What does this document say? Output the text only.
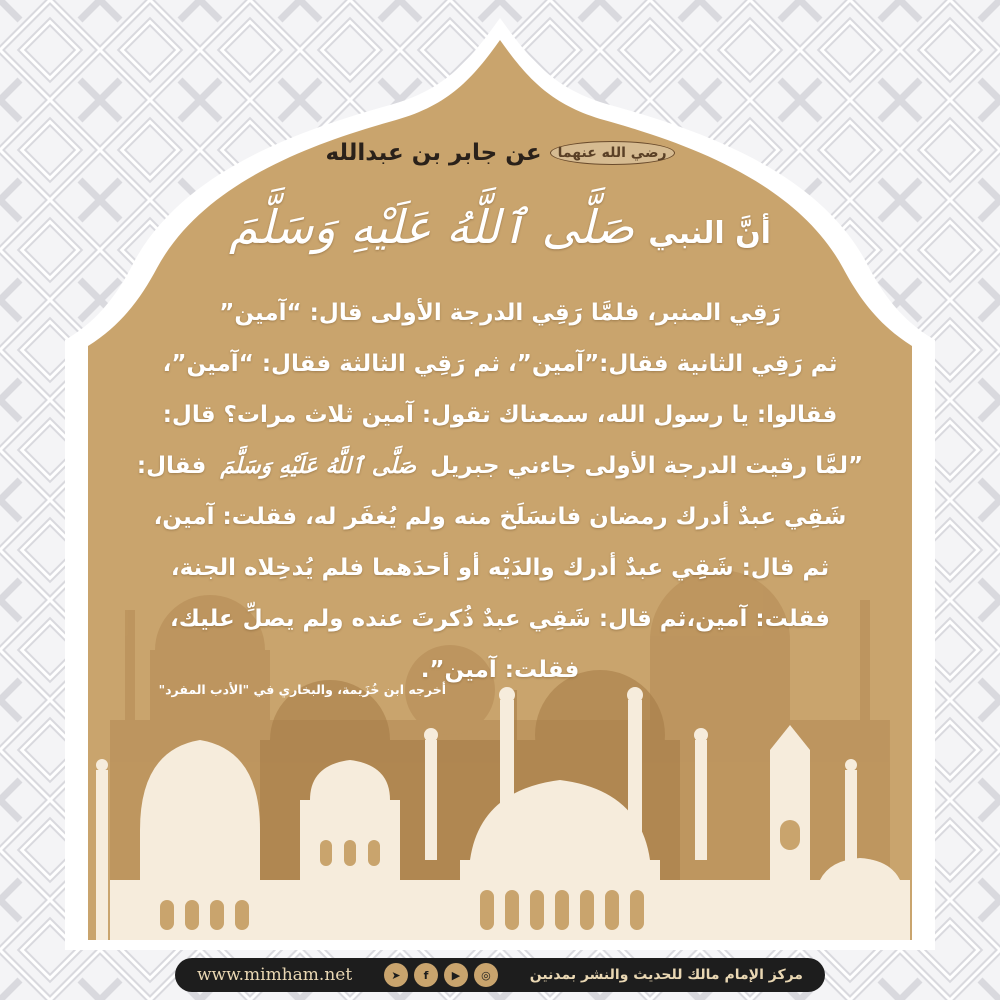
عن جابر بن عبدالله	رضي الله عنهما
أنَّ النبي
صَلَّى ٱللَّهُ عَلَيْهِ وَسَلَّمَ
رَقِي المنبر، فلمَّا رَقِي الدرجة الأولى قال: “آمين”
ثم رَقِي الثانية فقال:”آمين”، ثم رَقِي الثالثة فقال: “آمين”،
فقالوا: يا رسول الله، سمعناك تقول: آمين ثلاث مرات؟ قال:
”لمَّا رقيت الدرجة الأولى جاءني جبريل صَلَّى ٱللَّهُ عَلَيْهِ وَسَلَّمَ فقال:
شَقِي عبدٌ أدرك رمضان فانسَلَخ منه ولم يُغفَر له، فقلت: آمين،
ثم قال: شَقِي عبدٌ أدرك والدَيْه أو أحدَهما فلم يُدخِلاه الجنة،
فقلت: آمين،ثم قال: شَقِي عبدٌ ذُكرتَ عنده ولم يصلِّ عليك،
فقلت: آمين”.
أخرجه ابن خُزَيمة، والبخاري في "الأدب المفرد"
www.mimham.net	➤	f	▶	◎	مركز الإمام مالك للحديث والنشر بمدنين
